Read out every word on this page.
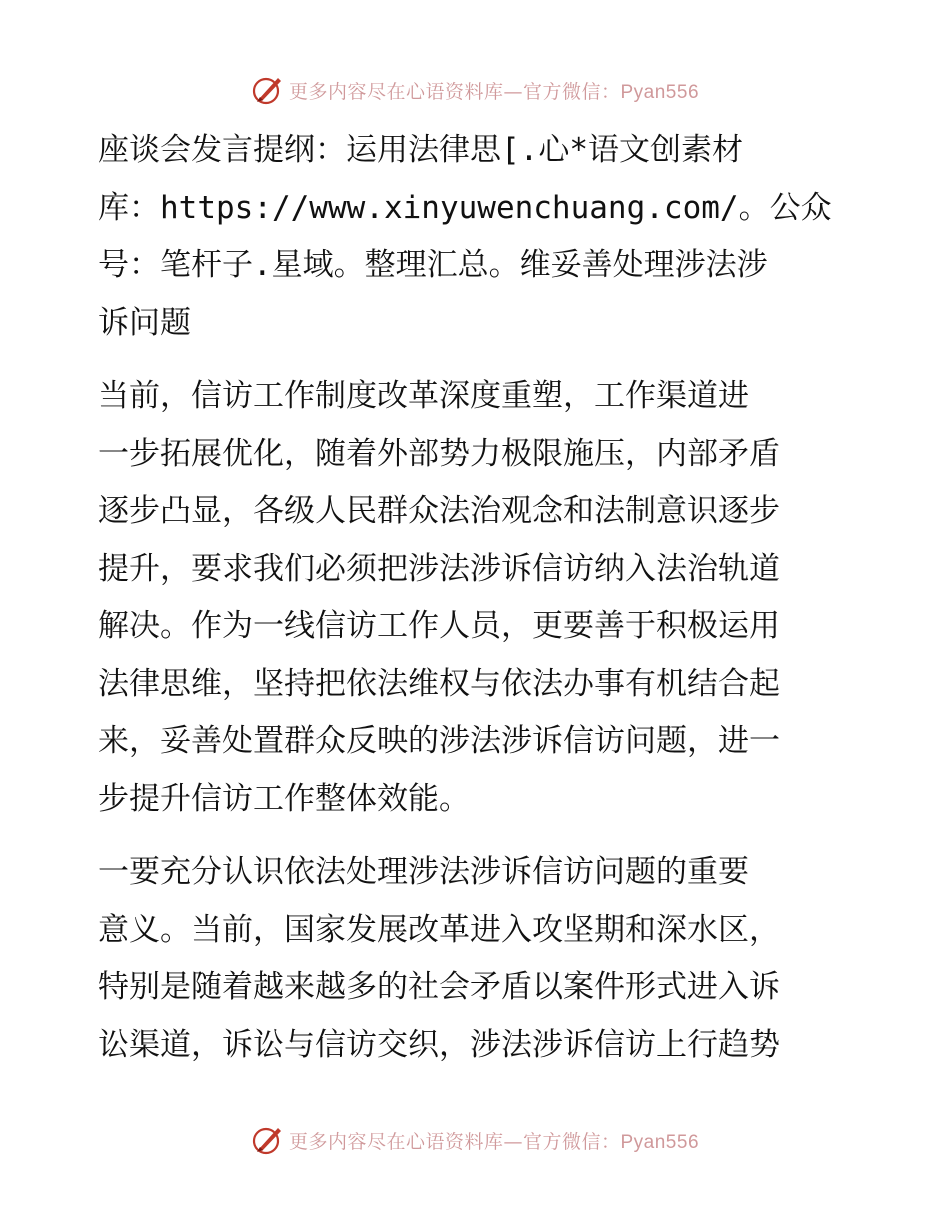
更多内容尽在心语资料库—官方微信：Pyan556
座谈会发言提纲：运用法律思[.心*语文创素材
库：https://www.xinyuwenchuang.com/。公众
号：笔杆子.星域。整理汇总。维妥善处理涉法涉
诉问题
当前，信访工作制度改革深度重塑，工作渠道进
一步拓展优化，随着外部势力极限施压，内部矛盾
逐步凸显，各级人民群众法治观念和法制意识逐步
提升，要求我们必须把涉法涉诉信访纳入法治轨道
解决。作为一线信访工作人员，更要善于积极运用
法律思维，坚持把依法维权与依法办事有机结合起
来，妥善处置群众反映的涉法涉诉信访问题，进一
步提升信访工作整体效能。
一要充分认识依法处理涉法涉诉信访问题的重要
意义。当前，国家发展改革进入攻坚期和深水区，
特别是随着越来越多的社会矛盾以案件形式进入诉
讼渠道，诉讼与信访交织，涉法涉诉信访上行趋势
更多内容尽在心语资料库—官方微信：Pyan556
